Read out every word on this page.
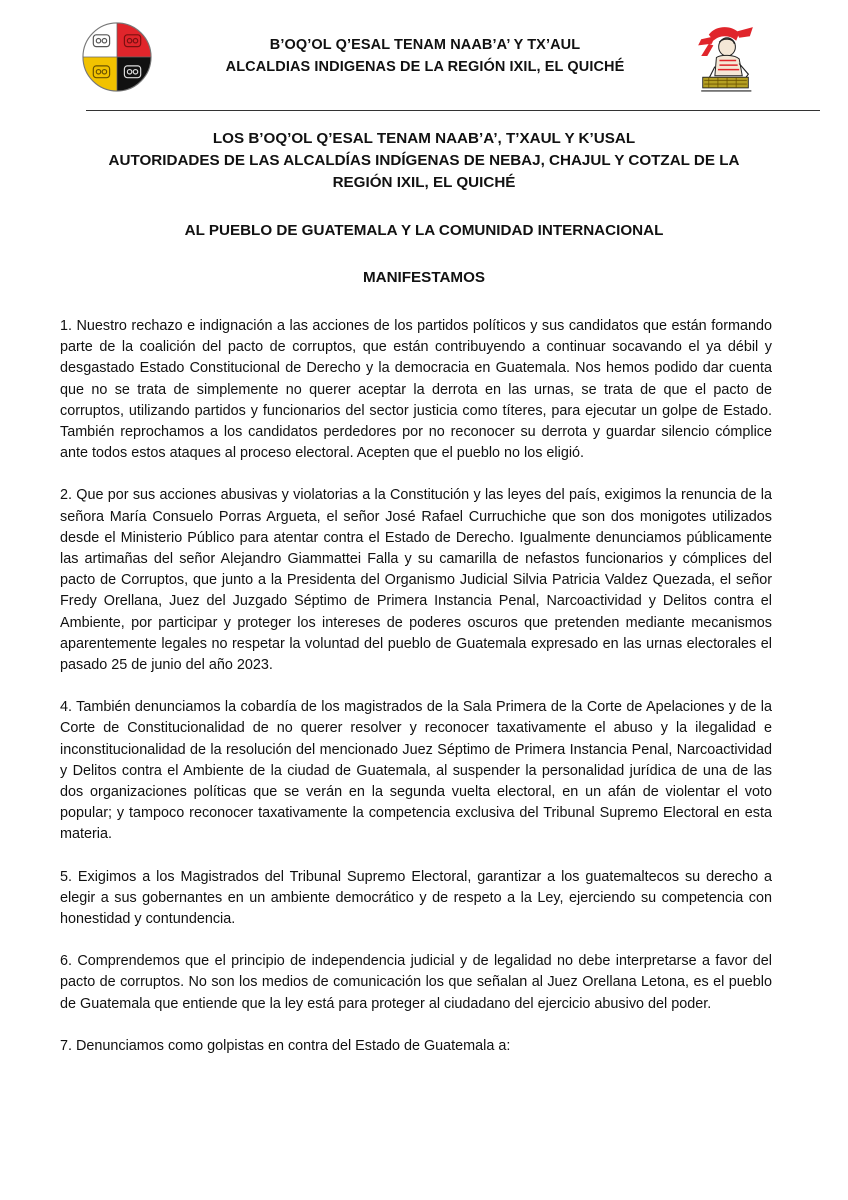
B’OQ’OL Q’ESAL TENAM NAAB’A’ Y TX’AUL
ALCALDIAS INDIGENAS DE LA REGIÓN IXIL, EL QUICHÉ
LOS B’OQ’OL Q’ESAL TENAM NAAB’A’, T’XAUL Y K’USAL
AUTORIDADES DE LAS ALCALDÍAS INDÍGENAS DE NEBAJ, CHAJUL Y COTZAL DE LA
REGIÓN IXIL, EL QUICHÉ
AL PUEBLO DE GUATEMALA Y LA COMUNIDAD INTERNACIONAL
MANIFESTAMOS

1. Nuestro rechazo e indignación a las acciones de los partidos políticos y sus candidatos que están formando parte de la coalición del pacto de corruptos, que están contribuyendo a continuar socavando el ya débil y desgastado Estado Constitucional de Derecho y la democracia en Guatemala. Nos hemos podido dar cuenta que no se trata de simplemente no querer aceptar la derrota en las urnas, se trata de que el pacto de corruptos, utilizando partidos y funcionarios del sector justicia como títeres, para ejecutar un golpe de Estado. También reprochamos a los candidatos perdedores por no reconocer su derrota y guardar silencio cómplice ante todos estos ataques al proceso electoral. Acepten que el pueblo no los eligió.

2. Que por sus acciones abusivas y violatorias a la Constitución y las leyes del país, exigimos la renuncia de la señora María Consuelo Porras Argueta, el señor José Rafael Curruchiche que son dos monigotes utilizados desde el Ministerio Público para atentar contra el Estado de Derecho. Igualmente denunciamos públicamente las artimañas del señor Alejandro Giammattei Falla y su camarilla de nefastos funcionarios y cómplices del pacto de Corruptos, que junto a la Presidenta del Organismo Judicial Silvia Patricia Valdez Quezada, el señor Fredy Orellana, Juez del Juzgado Séptimo de Primera Instancia Penal, Narcoactividad y Delitos contra el Ambiente, por participar y proteger los intereses de poderes oscuros que pretenden mediante mecanismos aparentemente legales no respetar la voluntad del pueblo de Guatemala expresado en las urnas electorales el pasado 25 de junio del año 2023.

4. También denunciamos la cobardía de los magistrados de la Sala Primera de la Corte de Apelaciones y de la Corte de Constitucionalidad de no querer resolver y reconocer taxativamente el abuso y la ilegalidad e inconstitucionalidad de la resolución del mencionado Juez Séptimo de Primera Instancia Penal, Narcoactividad y Delitos contra el Ambiente de la ciudad de Guatemala, al suspender la personalidad jurídica de una de las dos organizaciones políticas que se verán en la segunda vuelta electoral, en un afán de violentar el voto popular; y tampoco reconocer taxativamente la competencia exclusiva del Tribunal Supremo Electoral en esta materia.

5. Exigimos a los Magistrados del Tribunal Supremo Electoral, garantizar a los guatemaltecos su derecho a elegir a sus gobernantes en un ambiente democrático y de respeto a la Ley, ejerciendo su competencia con honestidad y contundencia.

6. Comprendemos que el principio de independencia judicial y de legalidad no debe interpretarse a favor del pacto de corruptos. No son los medios de comunicación los que señalan al Juez Orellana Letona, es el pueblo de Guatemala que entiende que la ley está para proteger al ciudadano del ejercicio abusivo del poder.

7. Denunciamos como golpistas en contra del Estado de Guatemala a:
